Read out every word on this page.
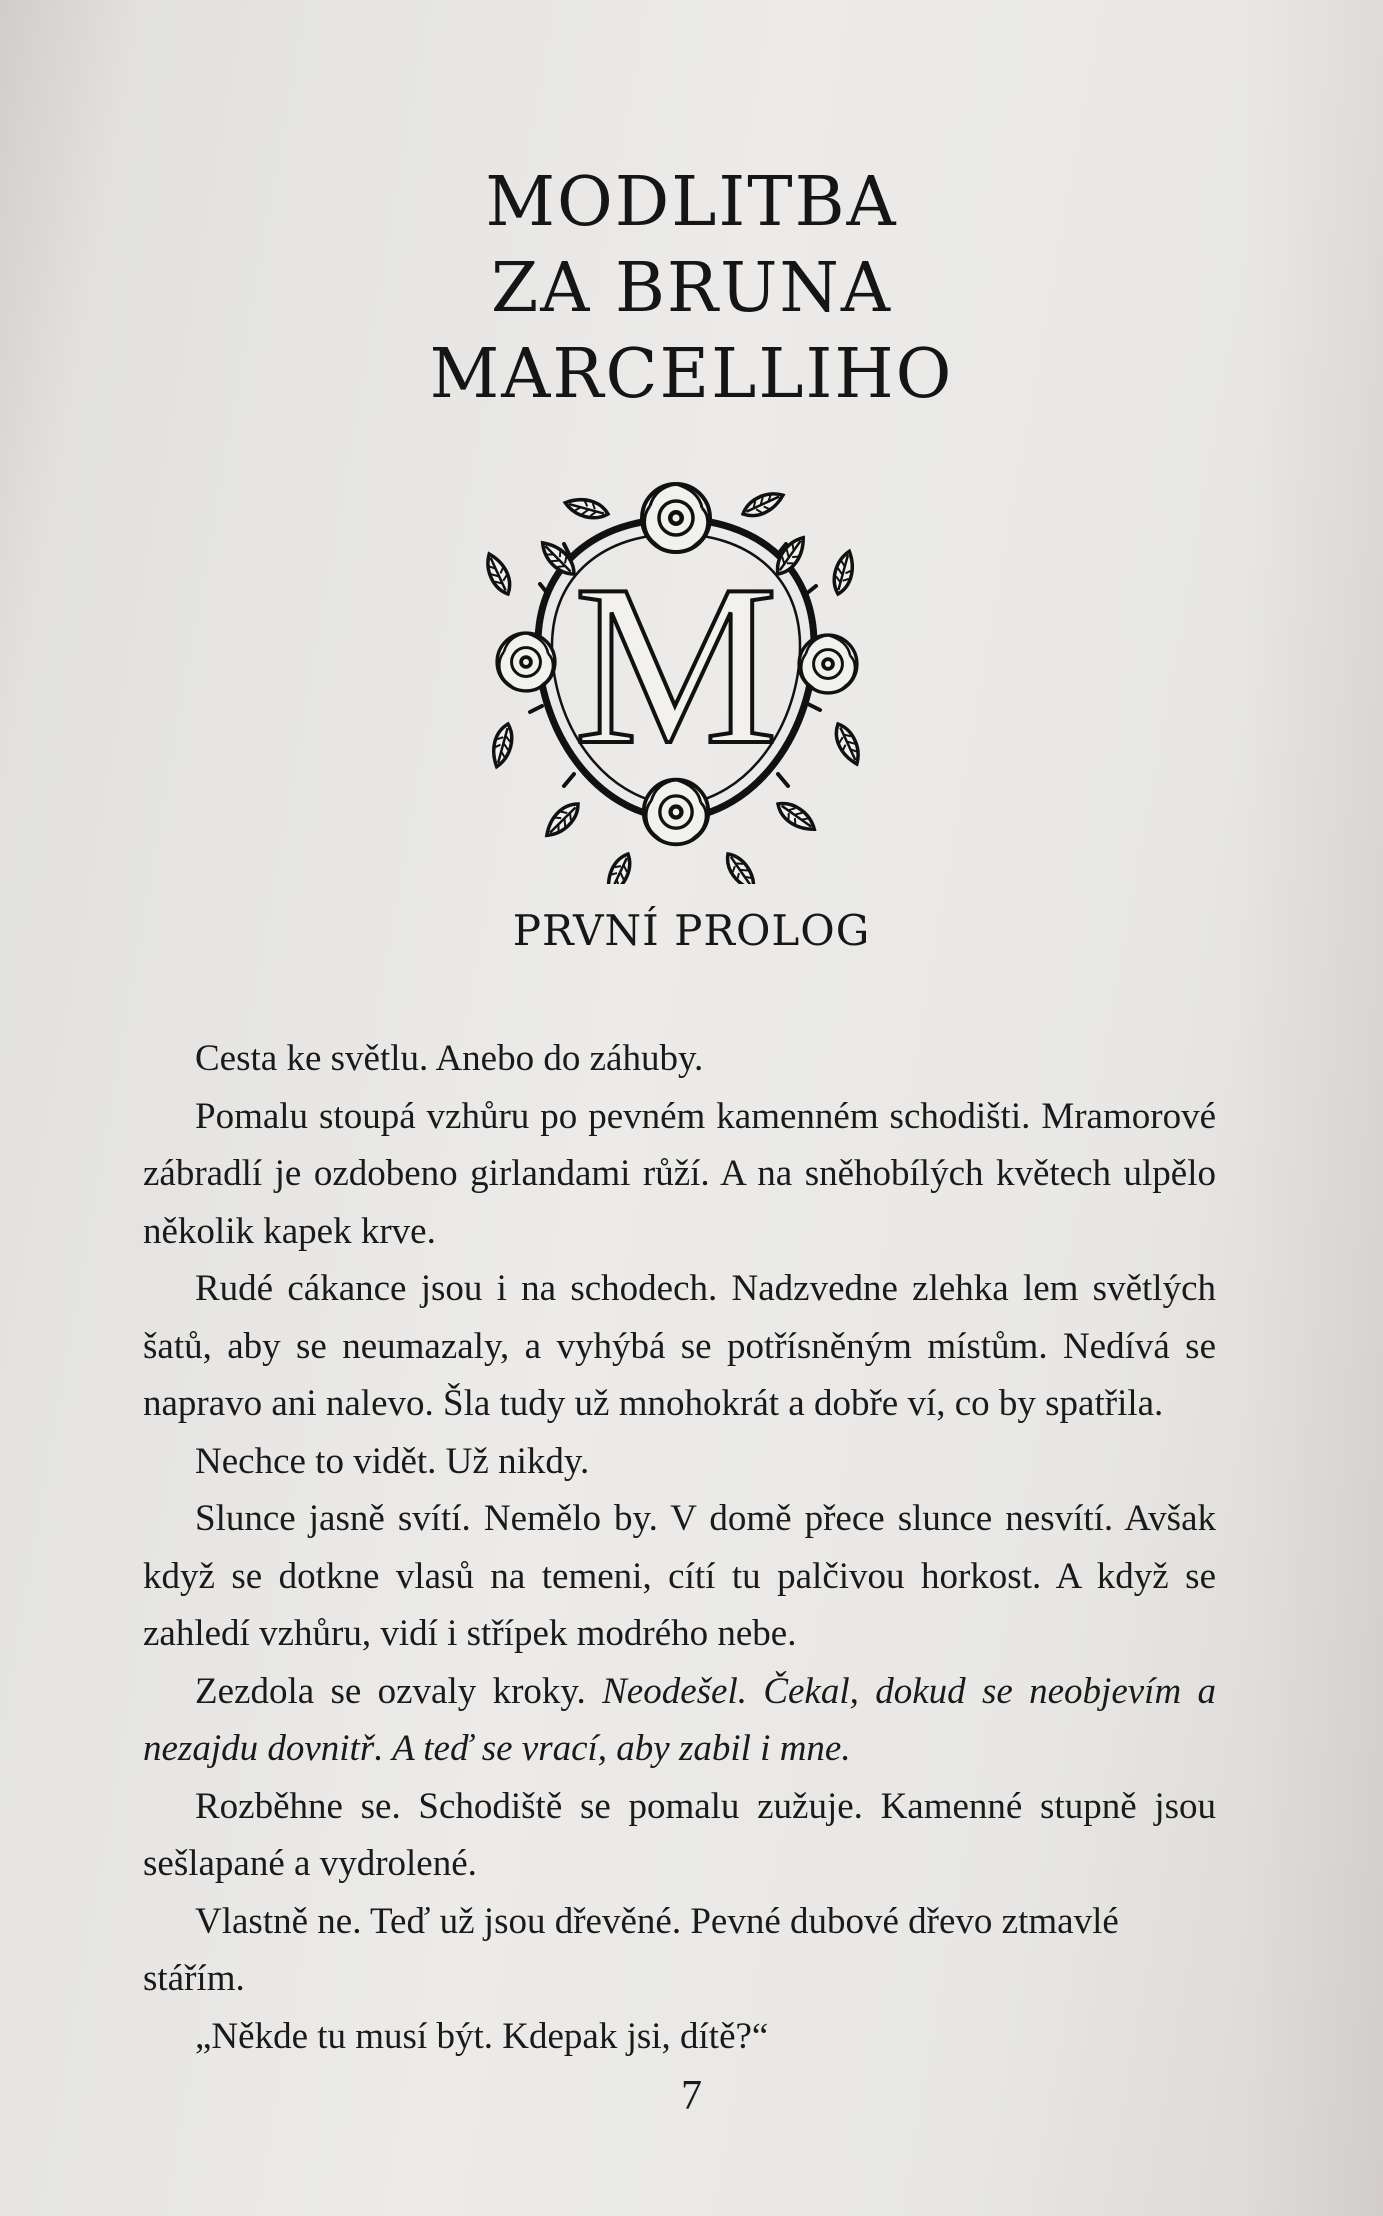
MODLITBA
ZA BRUNA
MARCELLIHO
M
PRVNÍ PROLOG

Cesta ke světlu. Anebo do záhuby.

Pomalu stoupá vzhůru po pevném kamenném schodišti. Mramorové zábradlí je ozdobeno girlandami růží. A na sněhobílých květech ulpělo několik kapek krve.

Rudé cákance jsou i na schodech. Nadzvedne zlehka lem světlých šatů, aby se neumazaly, a vyhýbá se potřísněným místům. Nedívá se napravo ani nalevo. Šla tudy už mnohokrát a dobře ví, co by spatřila.

Nechce to vidět. Už nikdy.

Slunce jasně svítí. Nemělo by. V domě přece slunce nesvítí. Avšak když se dotkne vlasů na temeni, cítí tu palčivou horkost. A když se zahledí vzhůru, vidí i střípek modrého nebe.

Zezdola se ozvaly kroky. Neodešel. Čekal, dokud se neobjevím a nezajdu dovnitř. A teď se vrací, aby zabil i mne.

Rozběhne se. Schodiště se pomalu zužuje. Kamenné stupně jsou sešlapané a vydrolené.

Vlastně ne. Teď už jsou dřevěné. Pevné dubové dřevo ztmavlé stářím.

„Někde tu musí být. Kdepak jsi, dítě?“

7
